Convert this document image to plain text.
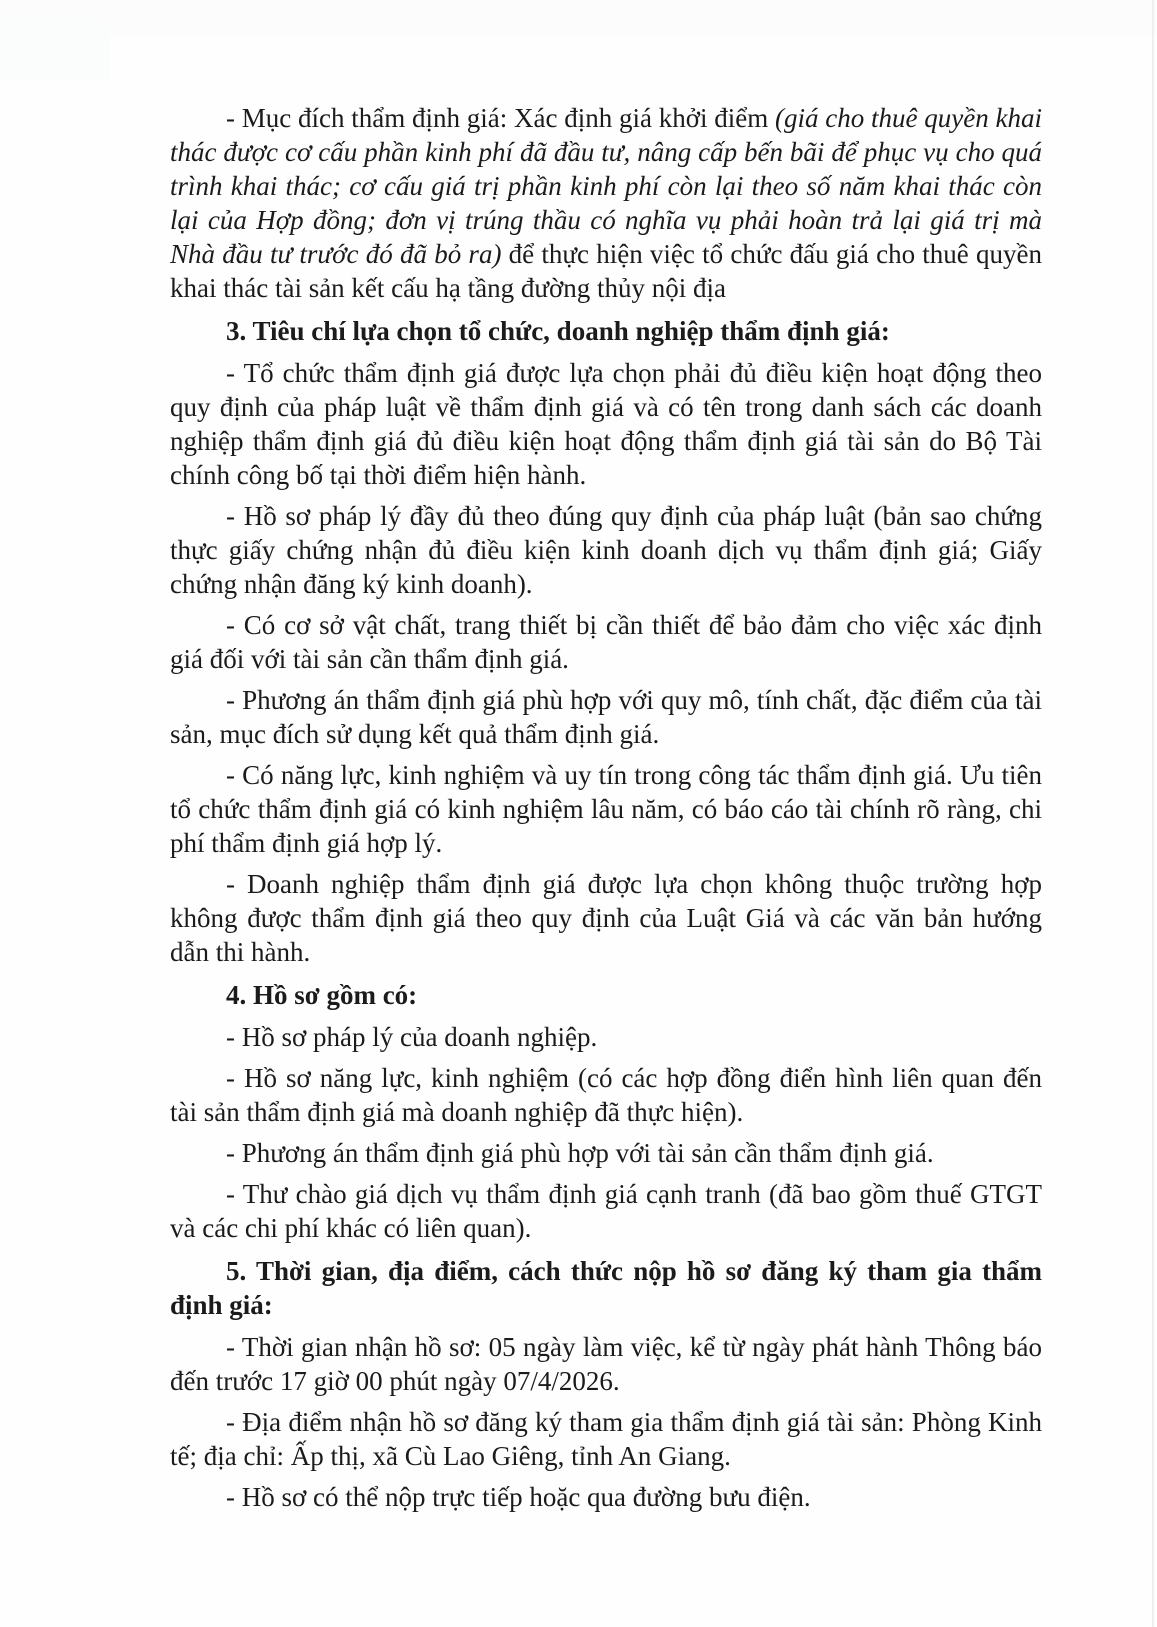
- Mục đích thẩm định giá: Xác định giá khởi điểm (giá cho thuê quyền khai thác được cơ cấu phần kinh phí đã đầu tư, nâng cấp bến bãi để phục vụ cho quá trình khai thác; cơ cấu giá trị phần kinh phí còn lại theo số năm khai thác còn lại của Hợp đồng; đơn vị trúng thầu có nghĩa vụ phải hoàn trả lại giá trị mà Nhà đầu tư trước đó đã bỏ ra) để thực hiện việc tổ chức đấu giá cho thuê quyền khai thác tài sản kết cấu hạ tầng đường thủy nội địa

3. Tiêu chí lựa chọn tổ chức, doanh nghiệp thẩm định giá:

- Tổ chức thẩm định giá được lựa chọn phải đủ điều kiện hoạt động theo quy định của pháp luật về thẩm định giá và có tên trong danh sách các doanh nghiệp thẩm định giá đủ điều kiện hoạt động thẩm định giá tài sản do Bộ Tài chính công bố tại thời điểm hiện hành.

- Hồ sơ pháp lý đầy đủ theo đúng quy định của pháp luật (bản sao chứng thực giấy chứng nhận đủ điều kiện kinh doanh dịch vụ thẩm định giá; Giấy chứng nhận đăng ký kinh doanh).

- Có cơ sở vật chất, trang thiết bị cần thiết để bảo đảm cho việc xác định giá đối với tài sản cần thẩm định giá.

- Phương án thẩm định giá phù hợp với quy mô, tính chất, đặc điểm của tài sản, mục đích sử dụng kết quả thẩm định giá.

- Có năng lực, kinh nghiệm và uy tín trong công tác thẩm định giá. Ưu tiên tổ chức thẩm định giá có kinh nghiệm lâu năm, có báo cáo tài chính rõ ràng, chi phí thẩm định giá hợp lý.

- Doanh nghiệp thẩm định giá được lựa chọn không thuộc trường hợp không được thẩm định giá theo quy định của Luật Giá và các văn bản hướng dẫn thi hành.

4. Hồ sơ gồm có:

- Hồ sơ pháp lý của doanh nghiệp.

- Hồ sơ năng lực, kinh nghiệm (có các hợp đồng điển hình liên quan đến tài sản thẩm định giá mà doanh nghiệp đã thực hiện).

- Phương án thẩm định giá phù hợp với tài sản cần thẩm định giá.

- Thư chào giá dịch vụ thẩm định giá cạnh tranh (đã bao gồm thuế GTGT và các chi phí khác có liên quan).

5. Thời gian, địa điểm, cách thức nộp hồ sơ đăng ký tham gia thẩm định giá:

- Thời gian nhận hồ sơ: 05 ngày làm việc, kể từ ngày phát hành Thông báo đến trước 17 giờ 00 phút ngày 07/4/2026.

- Địa điểm nhận hồ sơ đăng ký tham gia thẩm định giá tài sản: Phòng Kinh tế; địa chỉ: Ấp thị, xã Cù Lao Giêng, tỉnh An Giang.

- Hồ sơ có thể nộp trực tiếp hoặc qua đường bưu điện.
